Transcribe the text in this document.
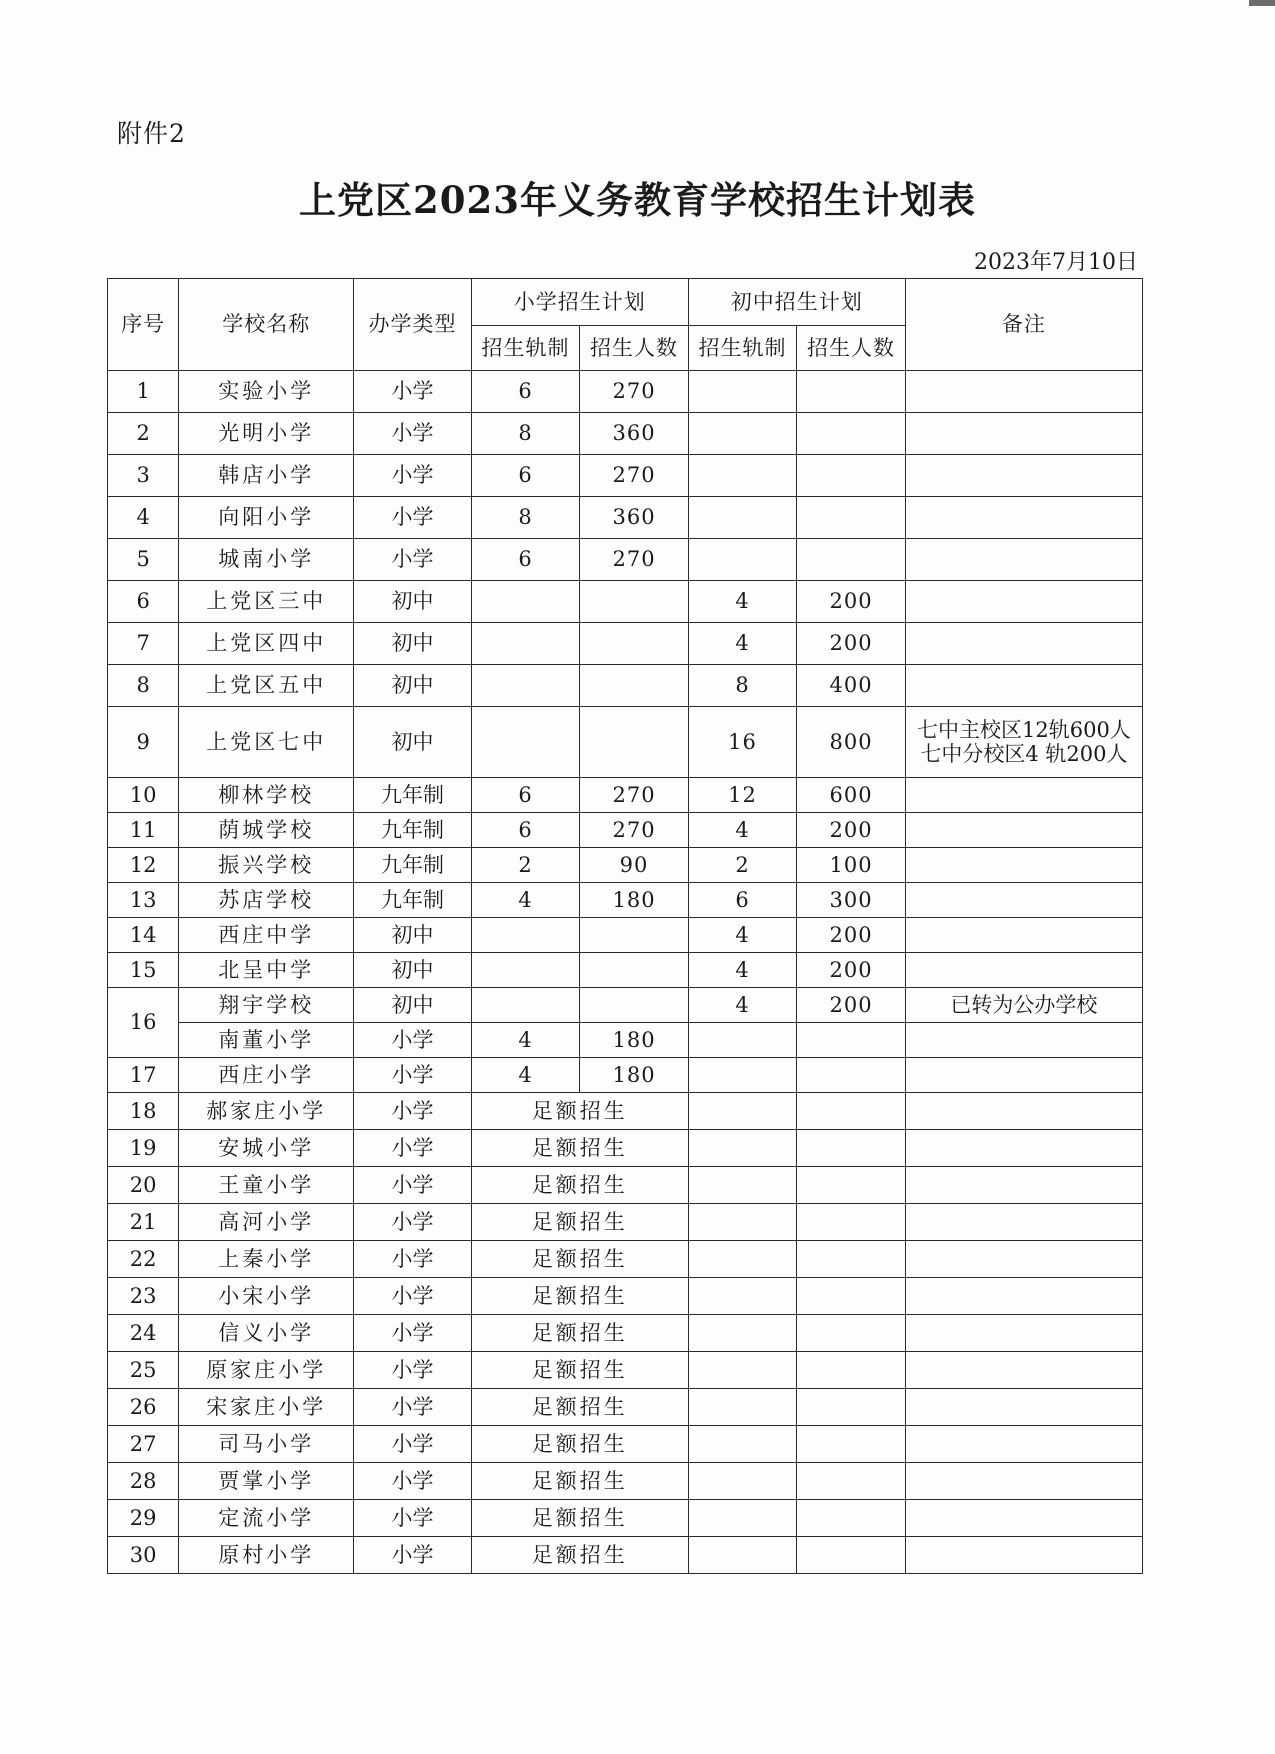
附件2
上党区2023年义务教育学校招生计划表
2023年7月10日
序号	学校名称	办学类型	小学招生计划		初中招生计划		备注
			招生轨制	招生人数	招生轨制	招生人数	
1	实验小学	小学	6	270			
2	光明小学	小学	8	360			
3	韩店小学	小学	6	270			
4	向阳小学	小学	8	360			
5	城南小学	小学	6	270			
6	上党区三中	初中			4	200	
7	上党区四中	初中			4	200	
8	上党区五中	初中			8	400	
9	上党区七中	初中			16	800	七中主校区12轨600人
七中分校区4 轨200人

10	柳林学校	九年制	6	270	12	600	
11	荫城学校	九年制	6	270	4	200	
12	振兴学校	九年制	2	90	2	100	
13	苏店学校	九年制	4	180	6	300	
14	西庄中学	初中			4	200	
15	北呈中学	初中			4	200	
16	翔宇学校	初中			4	200	已转为公办学校
	南董小学	小学	4	180			
17	西庄小学	小学	4	180			
18	郝家庄小学	小学	足额招生				
19	安城小学	小学	足额招生				
20	王童小学	小学	足额招生				
21	高河小学	小学	足额招生				
22	上秦小学	小学	足额招生				
23	小宋小学	小学	足额招生				
24	信义小学	小学	足额招生				
25	原家庄小学	小学	足额招生				
26	宋家庄小学	小学	足额招生				
27	司马小学	小学	足额招生				
28	贾掌小学	小学	足额招生				
29	定流小学	小学	足额招生				
30	原村小学	小学	足额招生				
